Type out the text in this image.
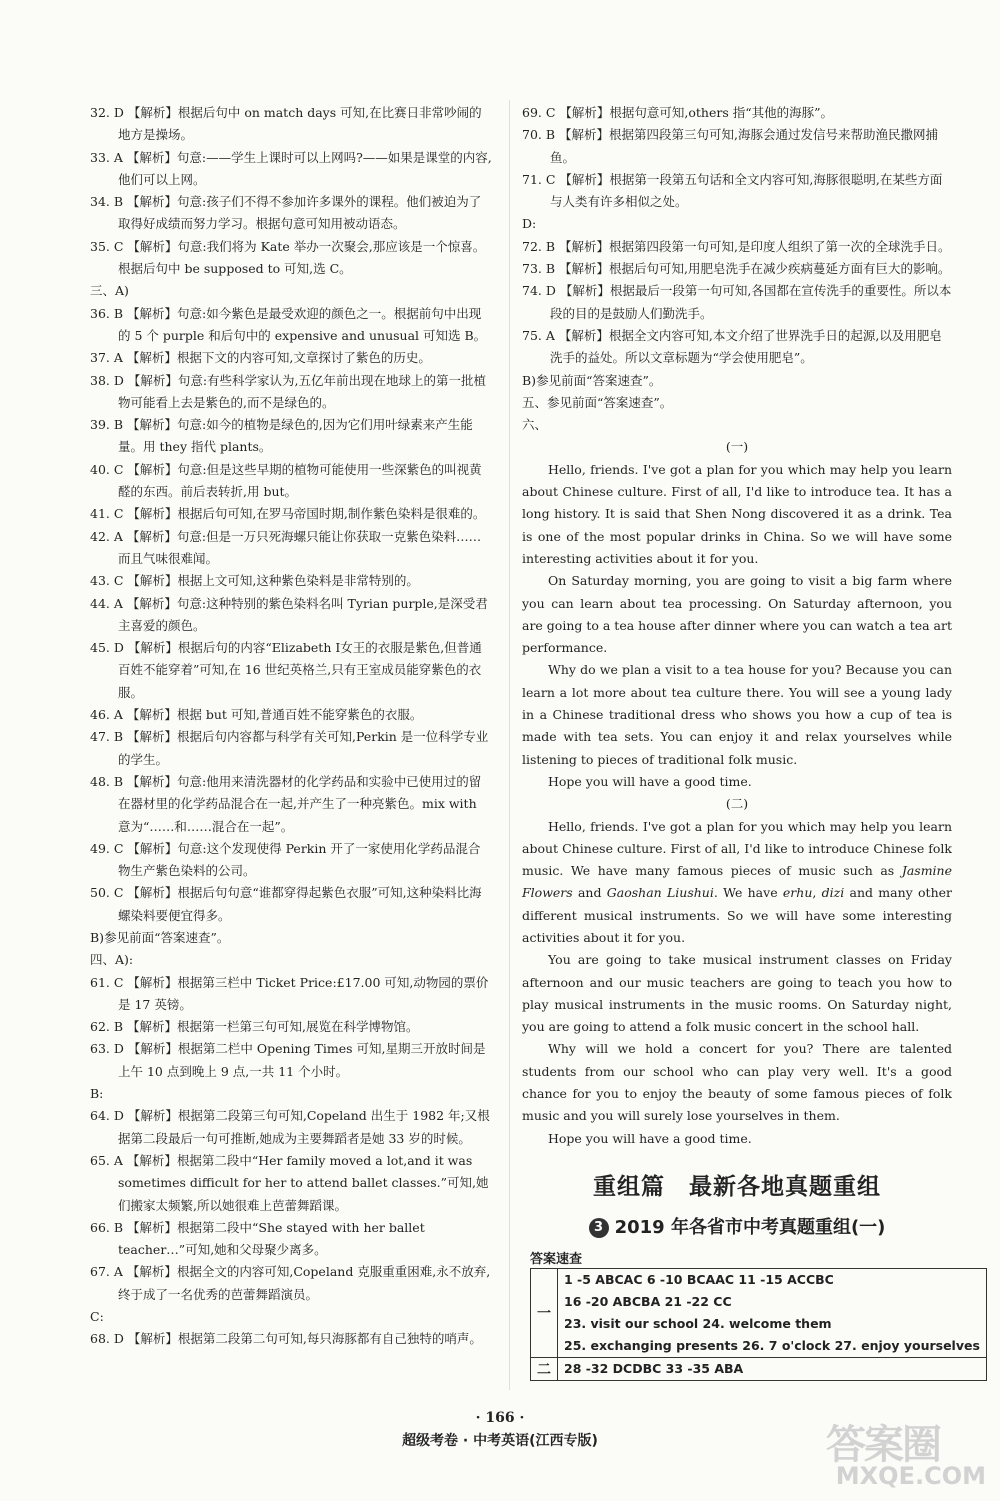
32. D 【解析】根据后句中 on match days 可知,在比赛日非常吵闹的地方是操场。

33. A 【解析】句意:——学生上课时可以上网吗?——如果是课堂的内容,他们可以上网。

34. B 【解析】句意:孩子们不得不参加许多课外的课程。他们被迫为了取得好成绩而努力学习。根据句意可知用被动语态。

35. C 【解析】句意:我们将为 Kate 举办一次聚会,那应该是一个惊喜。根据后句中 be supposed to 可知,选 C。

三、A)

36. B 【解析】句意:如今紫色是最受欢迎的颜色之一。根据前句中出现的 5 个 purple 和后句中的 expensive and unusual 可知选 B。

37. A 【解析】根据下文的内容可知,文章探讨了紫色的历史。

38. D 【解析】句意:有些科学家认为,五亿年前出现在地球上的第一批植物可能看上去是紫色的,而不是绿色的。

39. B 【解析】句意:如今的植物是绿色的,因为它们用叶绿素来产生能量。用 they 指代 plants。

40. C 【解析】句意:但是这些早期的植物可能使用一些深紫色的叫视黄醛的东西。前后表转折,用 but。

41. C 【解析】根据后句可知,在罗马帝国时期,制作紫色染料是很难的。

42. A 【解析】句意:但是一万只死海螺只能让你获取一克紫色染料……而且气味很难闻。

43. C 【解析】根据上文可知,这种紫色染料是非常特别的。

44. A 【解析】句意:这种特别的紫色染料名叫 Tyrian purple,是深受君主喜爱的颜色。

45. D 【解析】根据后句的内容“Elizabeth Ⅰ女王的衣服是紫色,但普通百姓不能穿着”可知,在 16 世纪英格兰,只有王室成员能穿紫色的衣服。

46. A 【解析】根据 but 可知,普通百姓不能穿紫色的衣服。

47. B 【解析】根据后句内容都与科学有关可知,Perkin 是一位科学专业的学生。

48. B 【解析】句意:他用来清洗器材的化学药品和实验中已使用过的留在器材里的化学药品混合在一起,并产生了一种亮紫色。mix with 意为“……和……混合在一起”。

49. C 【解析】句意:这个发现使得 Perkin 开了一家使用化学药品混合物生产紫色染料的公司。

50. C 【解析】根据后句句意“谁都穿得起紫色衣服”可知,这种染料比海螺染料要便宜得多。

B)参见前面“答案速查”。

四、A):

61. C 【解析】根据第三栏中 Ticket Price:£17.00 可知,动物园的票价是 17 英镑。

62. B 【解析】根据第一栏第三句可知,展览在科学博物馆。

63. D 【解析】根据第二栏中 Opening Times 可知,星期三开放时间是上午 10 点到晚上 9 点,一共 11 个小时。

B:

64. D 【解析】根据第二段第三句可知,Copeland 出生于 1982 年;又根据第二段最后一句可推断,她成为主要舞蹈者是她 33 岁的时候。

65. A 【解析】根据第二段中“Her family moved a lot,and it was sometimes difficult for her to attend ballet classes.”可知,她们搬家太频繁,所以她很难上芭蕾舞蹈课。

66. B 【解析】根据第二段中“She stayed with her ballet teacher…”可知,她和父母聚少离多。

67. A 【解析】根据全文的内容可知,Copeland 克服重重困难,永不放弃,终于成了一名优秀的芭蕾舞蹈演员。

C:

68. D 【解析】根据第二段第二句可知,每只海豚都有自己独特的哨声。

69. C 【解析】根据句意可知,others 指“其他的海豚”。

70. B 【解析】根据第四段第三句可知,海豚会通过发信号来帮助渔民撒网捕鱼。

71. C 【解析】根据第一段第五句话和全文内容可知,海豚很聪明,在某些方面与人类有许多相似之处。

D:

72. B 【解析】根据第四段第一句可知,是印度人组织了第一次的全球洗手日。

73. B 【解析】根据后句可知,用肥皂洗手在减少疾病蔓延方面有巨大的影响。

74. D 【解析】根据最后一段第一句可知,各国都在宣传洗手的重要性。所以本段的目的是鼓励人们勤洗手。

75. A 【解析】根据全文内容可知,本文介绍了世界洗手日的起源,以及用肥皂洗手的益处。所以文章标题为“学会使用肥皂”。

B)参见前面“答案速查”。

五、参见前面“答案速查”。

六、

(一)

Hello, friends. I've got a plan for you which may help you learn about Chinese culture. First of all, I'd like to introduce tea. It has a long history. It is said that Shen Nong discovered it as a drink. Tea is one of the most popular drinks in China. So we will have some interesting activities about it for you.

On Saturday morning, you are going to visit a big farm where you can learn about tea processing. On Saturday afternoon, you are going to a tea house after dinner where you can watch a tea art performance.

Why do we plan a visit to a tea house for you? Because you can learn a lot more about tea culture there. You will see a young lady in a Chinese traditional dress who shows you how a cup of tea is made with tea sets. You can enjoy it and relax yourselves while listening to pieces of traditional folk music.

Hope you will have a good time.

(二)

Hello, friends. I've got a plan for you which may help you learn about Chinese culture. First of all, I'd like to introduce Chinese folk music. We have many famous pieces of music such as Jasmine Flowers and Gaoshan Liushui. We have erhu, dizi and many other different musical instruments. So we will have some interesting activities about it for you.

You are going to take musical instrument classes on Friday afternoon and our music teachers are going to teach you how to play musical instruments in the music rooms. On Saturday night, you are going to attend a folk music concert in the school hall.

Why will we hold a concert for you? There are talented students from our school who can play very well. It's a good chance for you to enjoy the beauty of some famous pieces of folk music and you will surely lose yourselves in them.

Hope you will have a good time.

重组篇 最新各地真题重组
3 2019 年各省市中考真题重组(一)
答案速查
一	1 -5 ABCAC 6 -10 BCAAC 11 -15 ACCBC
16 -20 ABCBA 21 -22 CC
23. visit our school 24. welcome them
25. exchanging presents 26. 7 o'clock 27. enjoy yourselves

二	28 -32 DCDBC 33 -35 ABA
· 166 ·
超级考卷 · 中考英语(江西专版)	答案圈
MXQE.COM
